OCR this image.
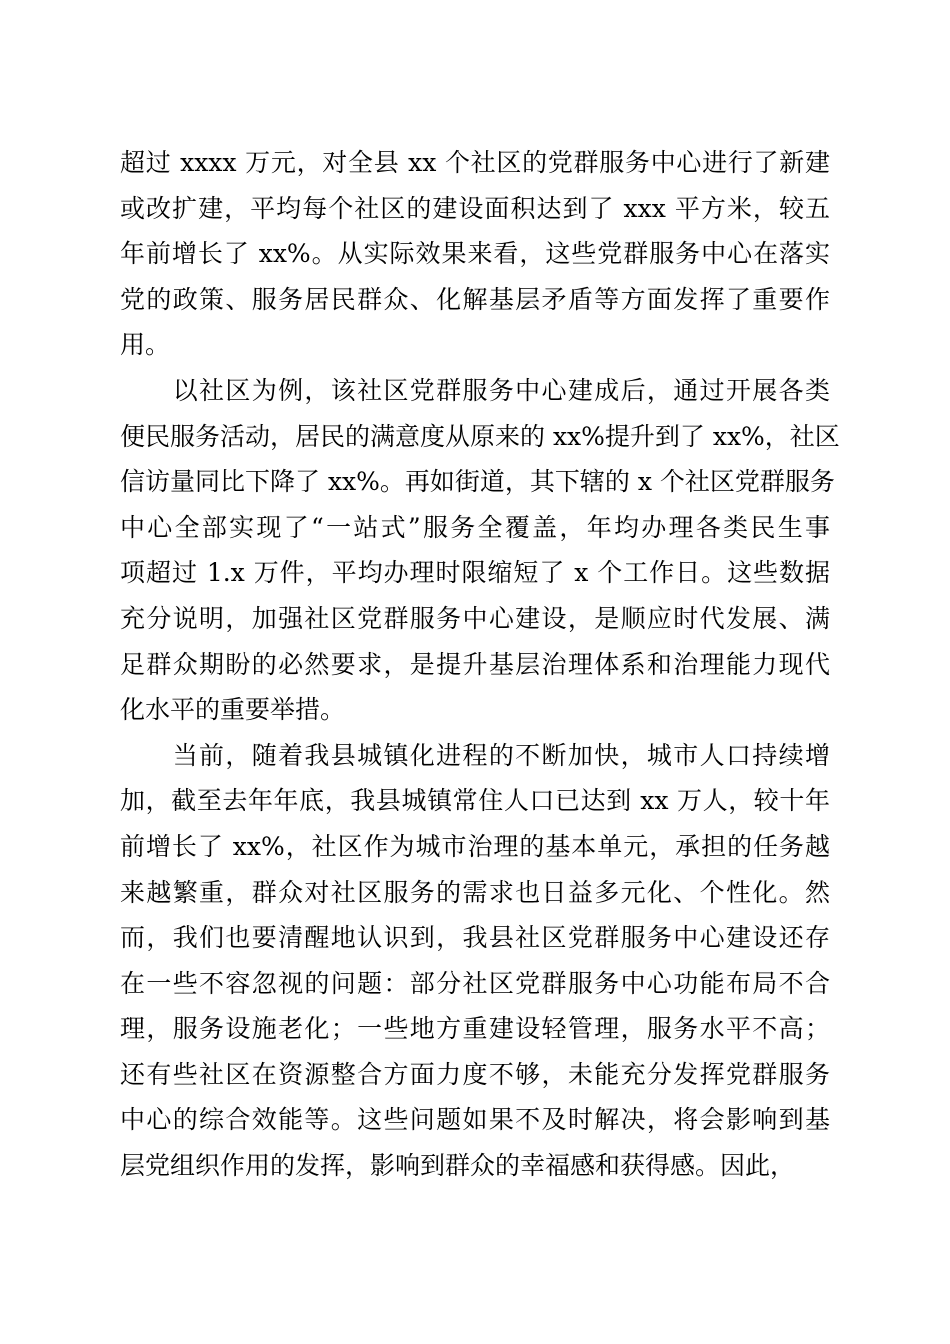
超过 xxxx 万元，对全县 xx 个社区的党群服务中心进行了新建
或改扩建，平均每个社区的建设面积达到了 xxx 平方米，较五
年前增长了 xx%。从实际效果来看，这些党群服务中心在落实
党的政策、服务居民群众、化解基层矛盾等方面发挥了重要作
用。
　　以社区为例，该社区党群服务中心建成后，通过开展各类
便民服务活动，居民的满意度从原来的 xx%提升到了 xx%，社区
信访量同比下降了 xx%。再如街道，其下辖的 x 个社区党群服务
中心全部实现了“一站式”服务全覆盖，年均办理各类民生事
项超过 1.x 万件，平均办理时限缩短了 x 个工作日。这些数据
充分说明，加强社区党群服务中心建设，是顺应时代发展、满
足群众期盼的必然要求，是提升基层治理体系和治理能力现代
化水平的重要举措。
　　当前，随着我县城镇化进程的不断加快，城市人口持续增
加，截至去年年底，我县城镇常住人口已达到 xx 万人，较十年
前增长了 xx%，社区作为城市治理的基本单元，承担的任务越
来越繁重，群众对社区服务的需求也日益多元化、个性化。然
而，我们也要清醒地认识到，我县社区党群服务中心建设还存
在一些不容忽视的问题：部分社区党群服务中心功能布局不合
理，服务设施老化；一些地方重建设轻管理，服务水平不高；
还有些社区在资源整合方面力度不够，未能充分发挥党群服务
中心的综合效能等。这些问题如果不及时解决，将会影响到基
层党组织作用的发挥，影响到群众的幸福感和获得感。因此，
